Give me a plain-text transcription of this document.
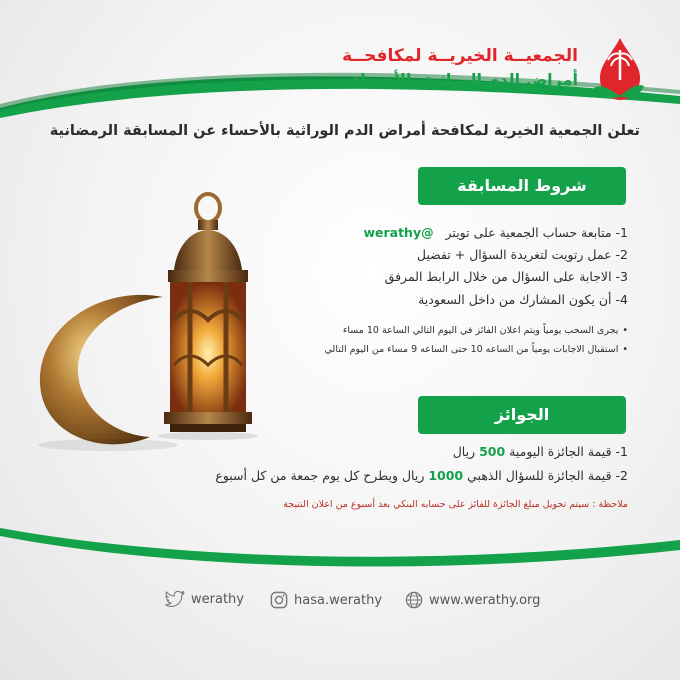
الجمعيــة الخيريــة لمكافحــة
أمراض الدم الوراثية بالأحساء
تعلن الجمعية الخيرية لمكافحة أمراض الدم الوراثية بالأحساء عن المسابقة الرمضانية
شروط المسابقة
1- متابعة حساب الجمعية على تويتر   @werathy
2- عمل رتويت لتغريدة السؤال + تفضيل
3- الاجابة على السؤال من خلال الرابط المرفق
4- أن يكون المشارك من داخل السعودية
• يجرى السحب يومياً ويتم اعلان الفائز في اليوم التالي الساعة 10 مساء
• استقبال الاجابات يومياً من الساعه 10 حتى الساعه 9 مساء من اليوم التالي
الجوائز
1- قيمة الجائزة اليومية 500 ريال
2- قيمة الجائزة للسؤال الذهبي 1000 ريال ويطرح كل يوم جمعة من كل أسبوع
ملاحظة : سيتم تحويل مبلغ الجائزة للفائز على حسابه البنكي بعد أسبوع من اعلان النتيجة
werathy	hasa.werathy	www.werathy.org
